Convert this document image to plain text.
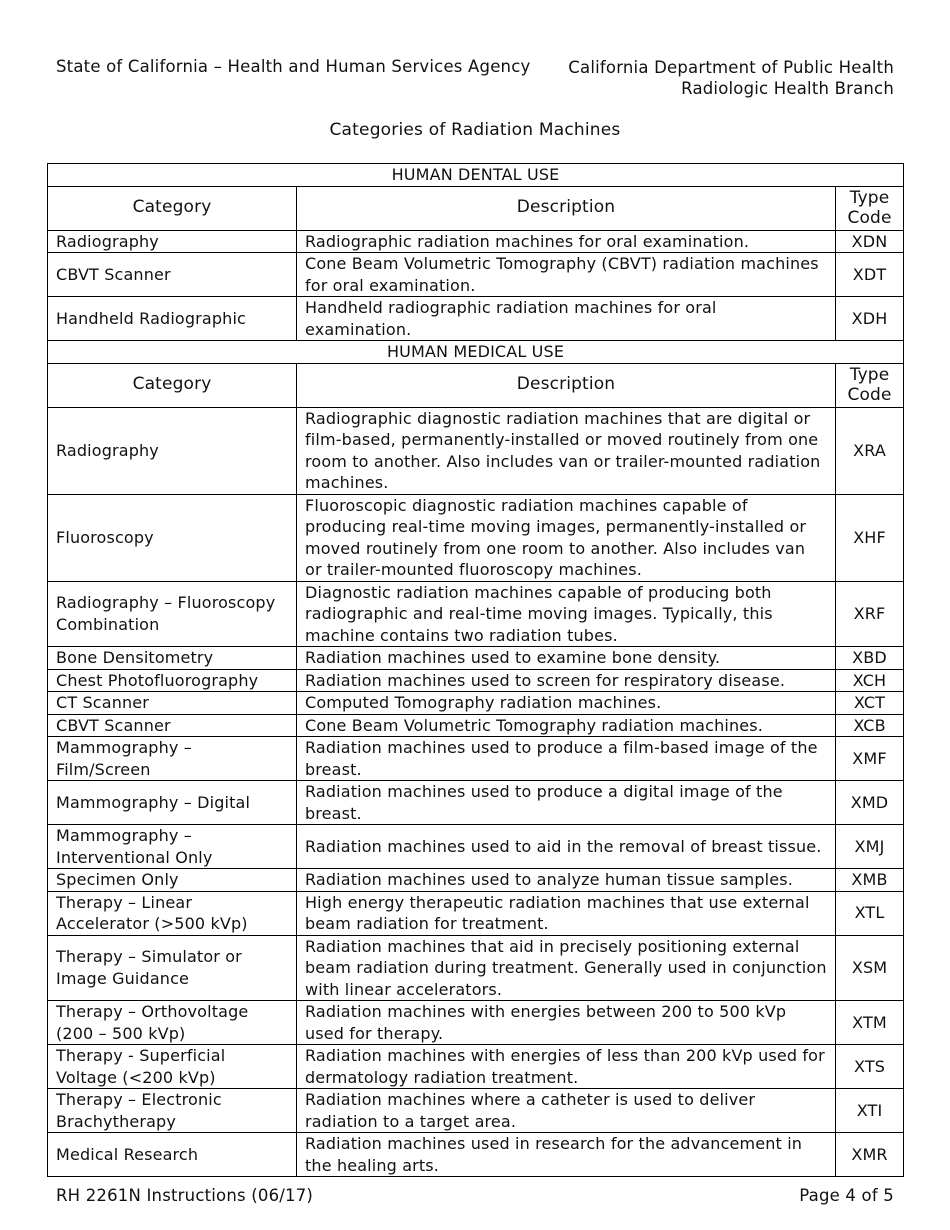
State of California – Health and Human Services Agency California Department of Public Health
Radiologic Health Branch
Categories of Radiation Machines
HUMAN DENTAL USE		
Category	Description	Type Code
Radiography	Radiographic radiation machines for oral examination.	XDN
CBVT Scanner	Cone Beam Volumetric Tomography (CBVT) radiation machines for oral examination.	XDT
Handheld Radiographic	Handheld radiographic radiation machines for oral examination.	XDH
HUMAN MEDICAL USE		
Category	Description	Type Code
Radiography	Radiographic diagnostic radiation machines that are digital or film-based, permanently-installed or moved routinely from one room to another. Also includes van or trailer-mounted radiation machines.	XRA
Fluoroscopy	Fluoroscopic diagnostic radiation machines capable of producing real-time moving images, permanently-installed or moved routinely from one room to another. Also includes van or trailer-mounted fluoroscopy machines.	XHF
Radiography – Fluoroscopy Combination	Diagnostic radiation machines capable of producing both radiographic and real-time moving images. Typically, this machine contains two radiation tubes.	XRF
Bone Densitometry	Radiation machines used to examine bone density.	XBD
Chest Photofluorography	Radiation machines used to screen for respiratory disease.	XCH
CT Scanner	Computed Tomography radiation machines.	XCT
CBVT Scanner	Cone Beam Volumetric Tomography radiation machines.	XCB
Mammography – Film/Screen	Radiation machines used to produce a film-based image of the breast.	XMF
Mammography – Digital	Radiation machines used to produce a digital image of the breast.	XMD
Mammography – Interventional Only	Radiation machines used to aid in the removal of breast tissue.	XMJ
Specimen Only	Radiation machines used to analyze human tissue samples.	XMB
Therapy – Linear Accelerator (>500 kVp)	High energy therapeutic radiation machines that use external beam radiation for treatment.	XTL
Therapy – Simulator or Image Guidance	Radiation machines that aid in precisely positioning external beam radiation during treatment. Generally used in conjunction with linear accelerators.	XSM
Therapy – Orthovoltage (200 – 500 kVp)	Radiation machines with energies between 200 to 500 kVp used for therapy.	XTM
Therapy - Superficial Voltage (<200 kVp)	Radiation machines with energies of less than 200 kVp used for dermatology radiation treatment.	XTS
Therapy – Electronic Brachytherapy	Radiation machines where a catheter is used to deliver radiation to a target area.	XTI
Medical Research	Radiation machines used in research for the advancement in the healing arts.	XMR
RH 2261N Instructions (06/17)	Page 4 of 5
